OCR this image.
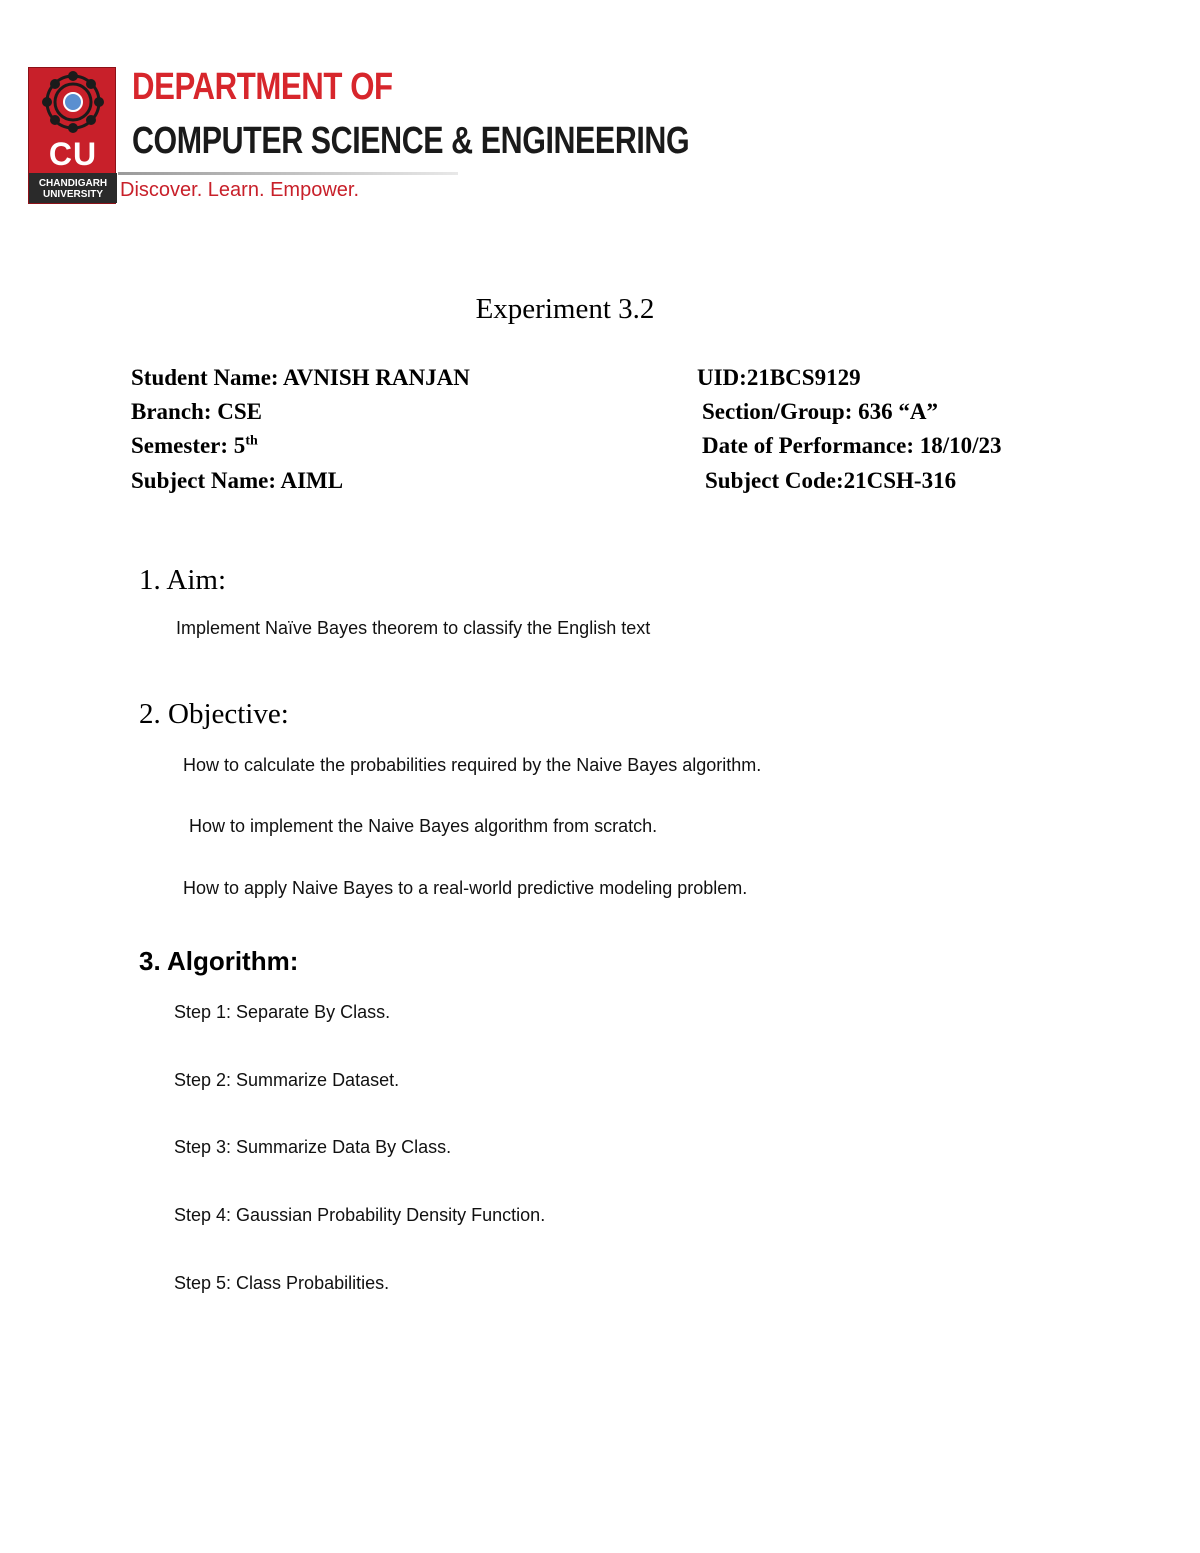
CU
CHANDIGARH
UNIVERSITY
DEPARTMENT OF
COMPUTER SCIENCE & ENGINEERING
Discover. Learn. Empower.
Experiment 3.2
Student Name: AVNISH RANJAN	UID:21BCS9129
Branch: CSE	Section/Group: 636 “A”
Semester: 5th	Date of Performance: 18/10/23
Subject Name: AIML	Subject Code:21CSH-316
1. Aim:
Implement Naïve Bayes theorem to classify the English text
2. Objective:
How to calculate the probabilities required by the Naive Bayes algorithm.
How to implement the Naive Bayes algorithm from scratch.
How to apply Naive Bayes to a real-world predictive modeling problem.
3. Algorithm:
Step 1: Separate By Class.
Step 2: Summarize Dataset.
Step 3: Summarize Data By Class.
Step 4: Gaussian Probability Density Function.
Step 5: Class Probabilities.
